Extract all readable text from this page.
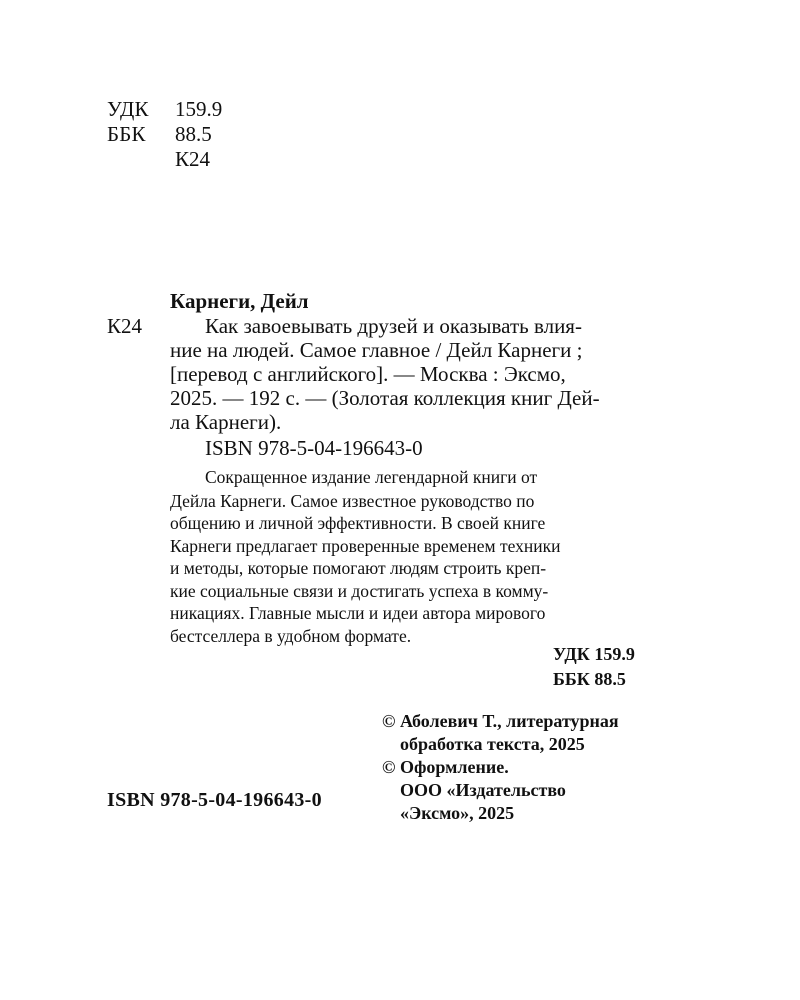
УДК 159.9
ББК 88.5
К24
Карнеги, Дейл
К24	Как завоевывать друзей и оказывать влия-
ние на людей. Самое главное / Дейл Карнеги ;
[перевод с английского]. — Москва : Эксмо,
2025. — 192 с. — (Золотая коллекция книг Дей-
ла Карнеги).
ISBN 978-5-04-196643-0
Сокращенное издание легендарной книги от
Дейла Карнеги. Самое известное руководство по
общению и личной эффективности. В своей книге
Карнеги предлагает проверенные временем техники
и методы, которые помогают людям строить креп-
кие социальные связи и достигать успеха в комму-
никациях. Главные мысли и идеи автора мирового
бестселлера в удобном формате.
УДК 159.9
ББК 88.5
© Аболевич Т., литературная
обработка текста, 2025
© Оформление.
ООО «Издательство
«Эксмо», 2025
ISBN 978-5-04-196643-0
